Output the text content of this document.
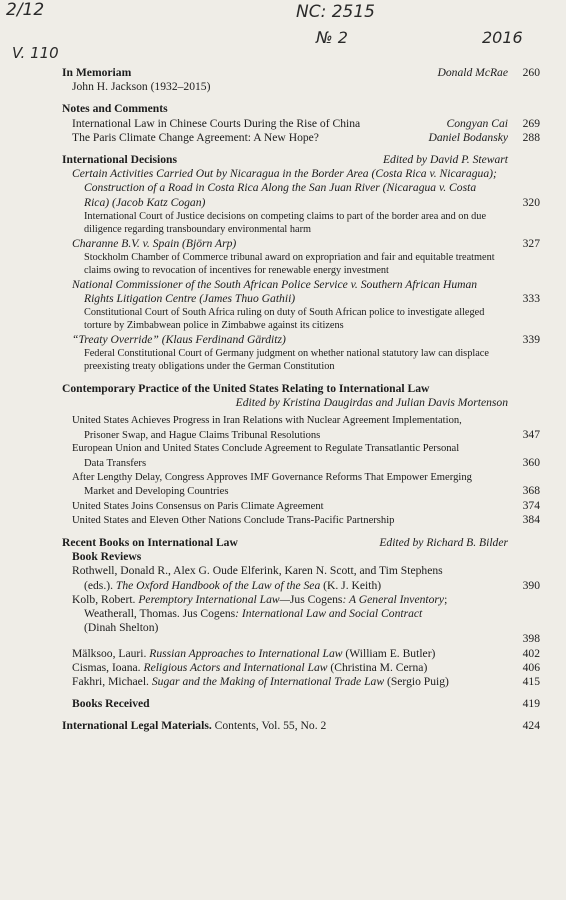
2/12
V. 110
NC: 2515
№ 2	2016
In Memoriam	Donald McRae	260
John H. Jackson (1932–2015)
Notes and Comments
International Law in Chinese Courts During the Rise of China	Congyan Cai	269
The Paris Climate Change Agreement: A New Hope?	Daniel Bodansky	288
International Decisions	Edited by David P. Stewart
Certain Activities Carried Out by Nicaragua in the Border Area (Costa Rica v. Nicaragua);
Construction of a Road in Costa Rica Along the San Juan River (Nicaragua v. Costa
Rica) (Jacob Katz Cogan)	320
International Court of Justice decisions on competing claims to part of the border area and on due diligence regarding transboundary environmental harm
Charanne B.V. v. Spain (Björn Arp)	327
Stockholm Chamber of Commerce tribunal award on expropriation and fair and equitable treatment claims owing to revocation of incentives for renewable energy investment
National Commissioner of the South African Police Service v. Southern African Human
Rights Litigation Centre (James Thuo Gathii)	333
Constitutional Court of South Africa ruling on duty of South African police to investigate alleged torture by Zimbabwean police in Zimbabwe against its citizens
“Treaty Override” (Klaus Ferdinand Gärditz)	339
Federal Constitutional Court of Germany judgment on whether national statutory law can displace preexisting treaty obligations under the German Constitution
Contemporary Practice of the United States Relating to International Law
Edited by Kristina Daugirdas and Julian Davis Mortenson
United States Achieves Progress in Iran Relations with Nuclear Agreement Implementation,
Prisoner Swap, and Hague Claims Tribunal Resolutions	347
European Union and United States Conclude Agreement to Regulate Transatlantic Personal
Data Transfers	360
After Lengthy Delay, Congress Approves IMF Governance Reforms That Empower Emerging
Market and Developing Countries	368
United States Joins Consensus on Paris Climate Agreement	374
United States and Eleven Other Nations Conclude Trans-Pacific Partnership	384
Recent Books on International Law	Edited by Richard B. Bilder
Book Reviews
Rothwell, Donald R., Alex G. Oude Elferink, Karen N. Scott, and Tim Stephens
(eds.). The Oxford Handbook of the Law of the Sea (K. J. Keith)	390
Kolb, Robert. Peremptory International Law—Jus Cogens: A General Inventory;
Weatherall, Thomas. Jus Cogens: International Law and Social Contract
(Dinah Shelton)
398
Mälksoo, Lauri. Russian Approaches to International Law (William E. Butler)	402
Cismas, Ioana. Religious Actors and International Law (Christina M. Cerna)	406
Fakhri, Michael. Sugar and the Making of International Trade Law (Sergio Puig)	415
Books Received	419
International Legal Materials. Contents, Vol. 55, No. 2	424
